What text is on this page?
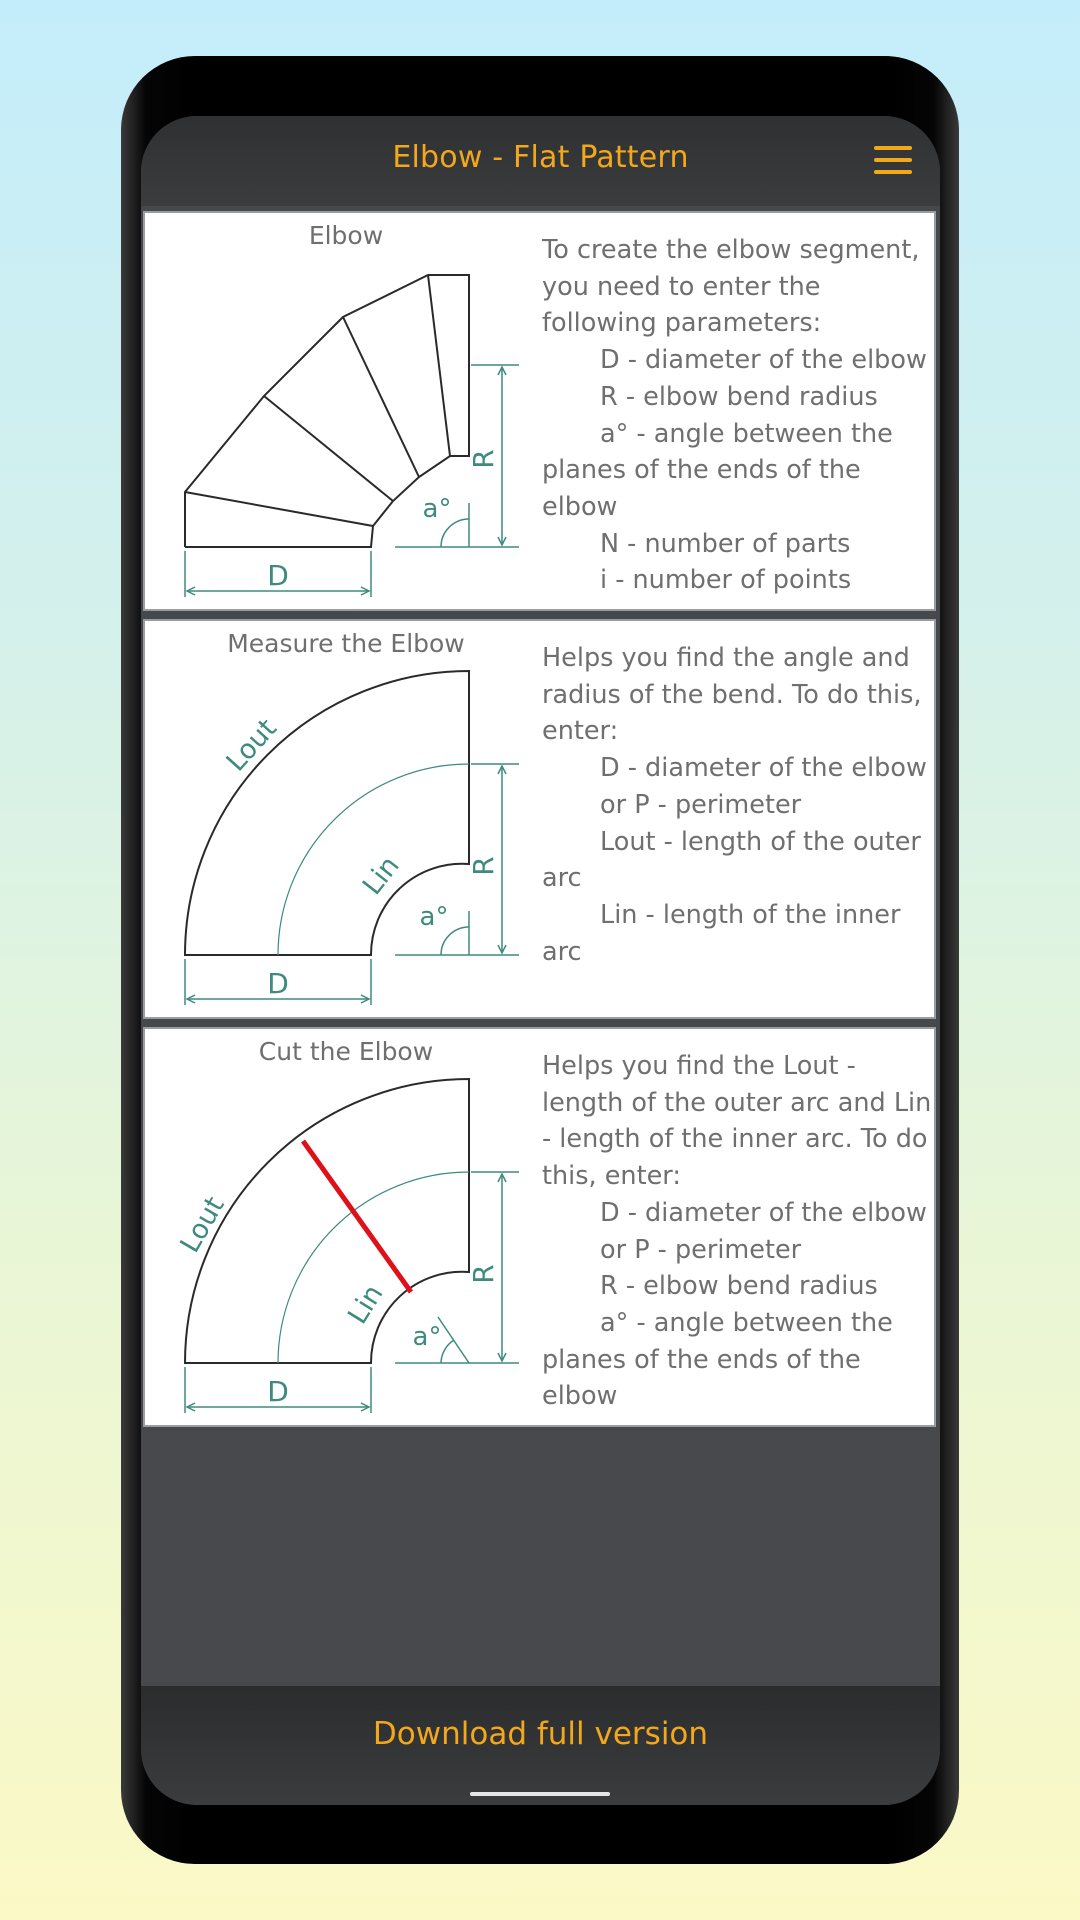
Elbow - Flat Pattern
Elbow
D
R
a°

To create the elbow segment,

you need to enter the

following parameters:

D - diameter of the elbow

R - elbow bend radius

a° - angle between the

planes of the ends of the

elbow

N - number of parts

i - number of points

Measure the Elbow
D
R
a°
Lout
Lin

Helps you find the angle and

radius of the bend. To do this,

enter:

D - diameter of the elbow

or P - perimeter

Lout - length of the outer

arc

Lin - length of the inner

arc

Cut the Elbow
D
R
a°
Lout
Lin

Helps you find the Lout -

length of the outer arc and Lin

- length of the inner arc. To do

this, enter:

D - diameter of the elbow

or P - perimeter

R - elbow bend radius

a° - angle between the

planes of the ends of the

elbow

Download full version
